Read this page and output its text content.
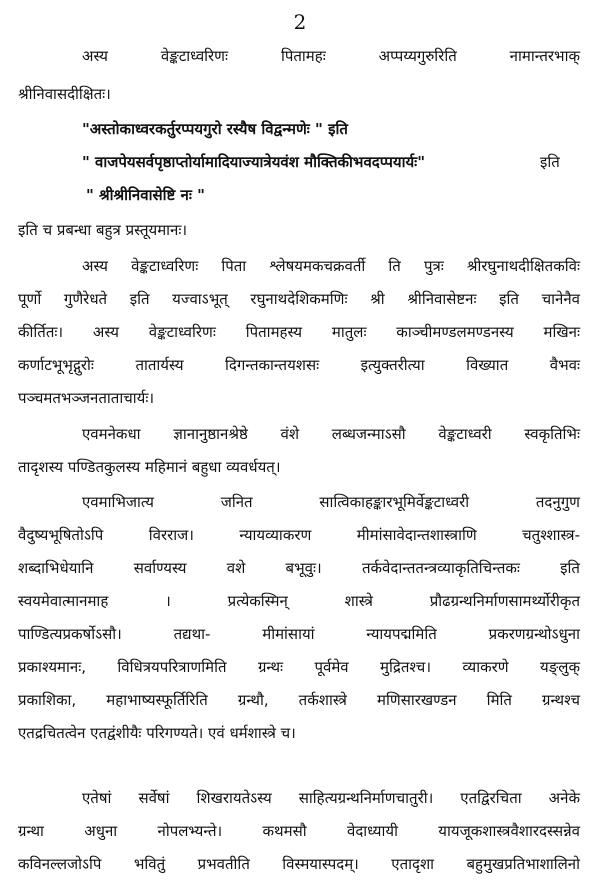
2
अस्य वेङ्कटाध्वरिणः पितामहः अप्पय्यगुरुरिति नामान्तरभाक्
श्रीनिवासदीक्षितः।
"अस्तोकाध्वरकर्तुरप्पयगुरो रस्यैष विद्वन्मणेः " इति
" वाजपेयसर्वपृष्ठाप्तोर्यामादियाज्यात्रेयवंश मौक्तिकीभवदप्पयार्यः"	इति
" श्रीश्रीनिवासेष्टि नः "
इति च प्रबन्धा बहुत्र प्रस्तूयमानः।
अस्य वेङ्कटाध्वरिणः पिता श्लेषयमकचक्रवर्ती ति पुत्रः श्रीरघुनाथदीक्षितकविः
पूर्णो गुणैरेधते इति यज्वाऽभूत् रघुनाथदेशिकमणिः श्री श्रीनिवासेष्टनः इति चानेनैव
कीर्तितः। अस्य वेङ्कटाध्वरिणः पितामहस्य मातुलः काञ्चीमण्डलमण्डनस्य मखिनः
कर्णाटभूभृद्गुरोः तातार्यस्य दिगन्तकान्तयशसः इत्युक्तरीत्या विख्यात वैभवः
पञ्चमतभञ्जनताताचार्यः।
एवमनेकधा ज्ञानानुष्ठानश्रेष्ठे वंशे लब्धजन्माऽसौ वेङ्कटाध्वरी स्वकृतिभिः
तादृशस्य पण्डितकुलस्य महिमानं बहुधा व्यवर्धयत्।
एवमाभिजात्य जनित सात्विकाहङ्कारभूमिर्वेङ्कटाध्वरी तदनुगुण
वैदुष्यभूषितोऽपि विरराज। न्यायव्याकरण मीमांसावेदान्तशास्त्राणि चतुश्शास्त्र-
शब्दाभिधेयानि सर्वाण्यस्य वशे बभूवुः। तर्कवेदान्ततन्त्रव्याकृतिचिन्तकः इति
स्वयमेवात्मानमाह । प्रत्येकस्मिन् शास्त्रे प्रौढग्रन्थनिर्माणसामर्थ्योरीकृत
पाण्डित्यप्रकर्षोऽसौ। तद्यथा- मीमांसायां न्यायपद्ममिति प्रकरणग्रन्थोऽधुना
प्रकाश्यमानः, विधित्रयपरित्राणमिति ग्रन्थः पूर्वमेव मुद्रितश्च। व्याकरणे यङ्लुक्
प्रकाशिका, महाभाष्यस्फूर्तिरिति ग्रन्थौ, तर्कशास्त्रे मणिसारखण्डन मिति ग्रन्थश्च
एतद्रचितत्वेन एतद्वंशीयैः परिगण्यते। एवं धर्मशास्त्रे च।
एतेषां सर्वेषां शिखरायतेऽस्य साहित्यग्रन्थनिर्माणचातुरी। एतद्विरचिता अनेके
ग्रन्था अधुना नोपलभ्यन्ते। कथमसौ वेदाध्यायी यायजूकशास्त्रवैशारदस्सन्नेव
कविनल्लजोऽपि भवितुं प्रभवतीति विस्मयास्पदम्। एतादृशा बहुमुखप्रतिभाशालिनो
